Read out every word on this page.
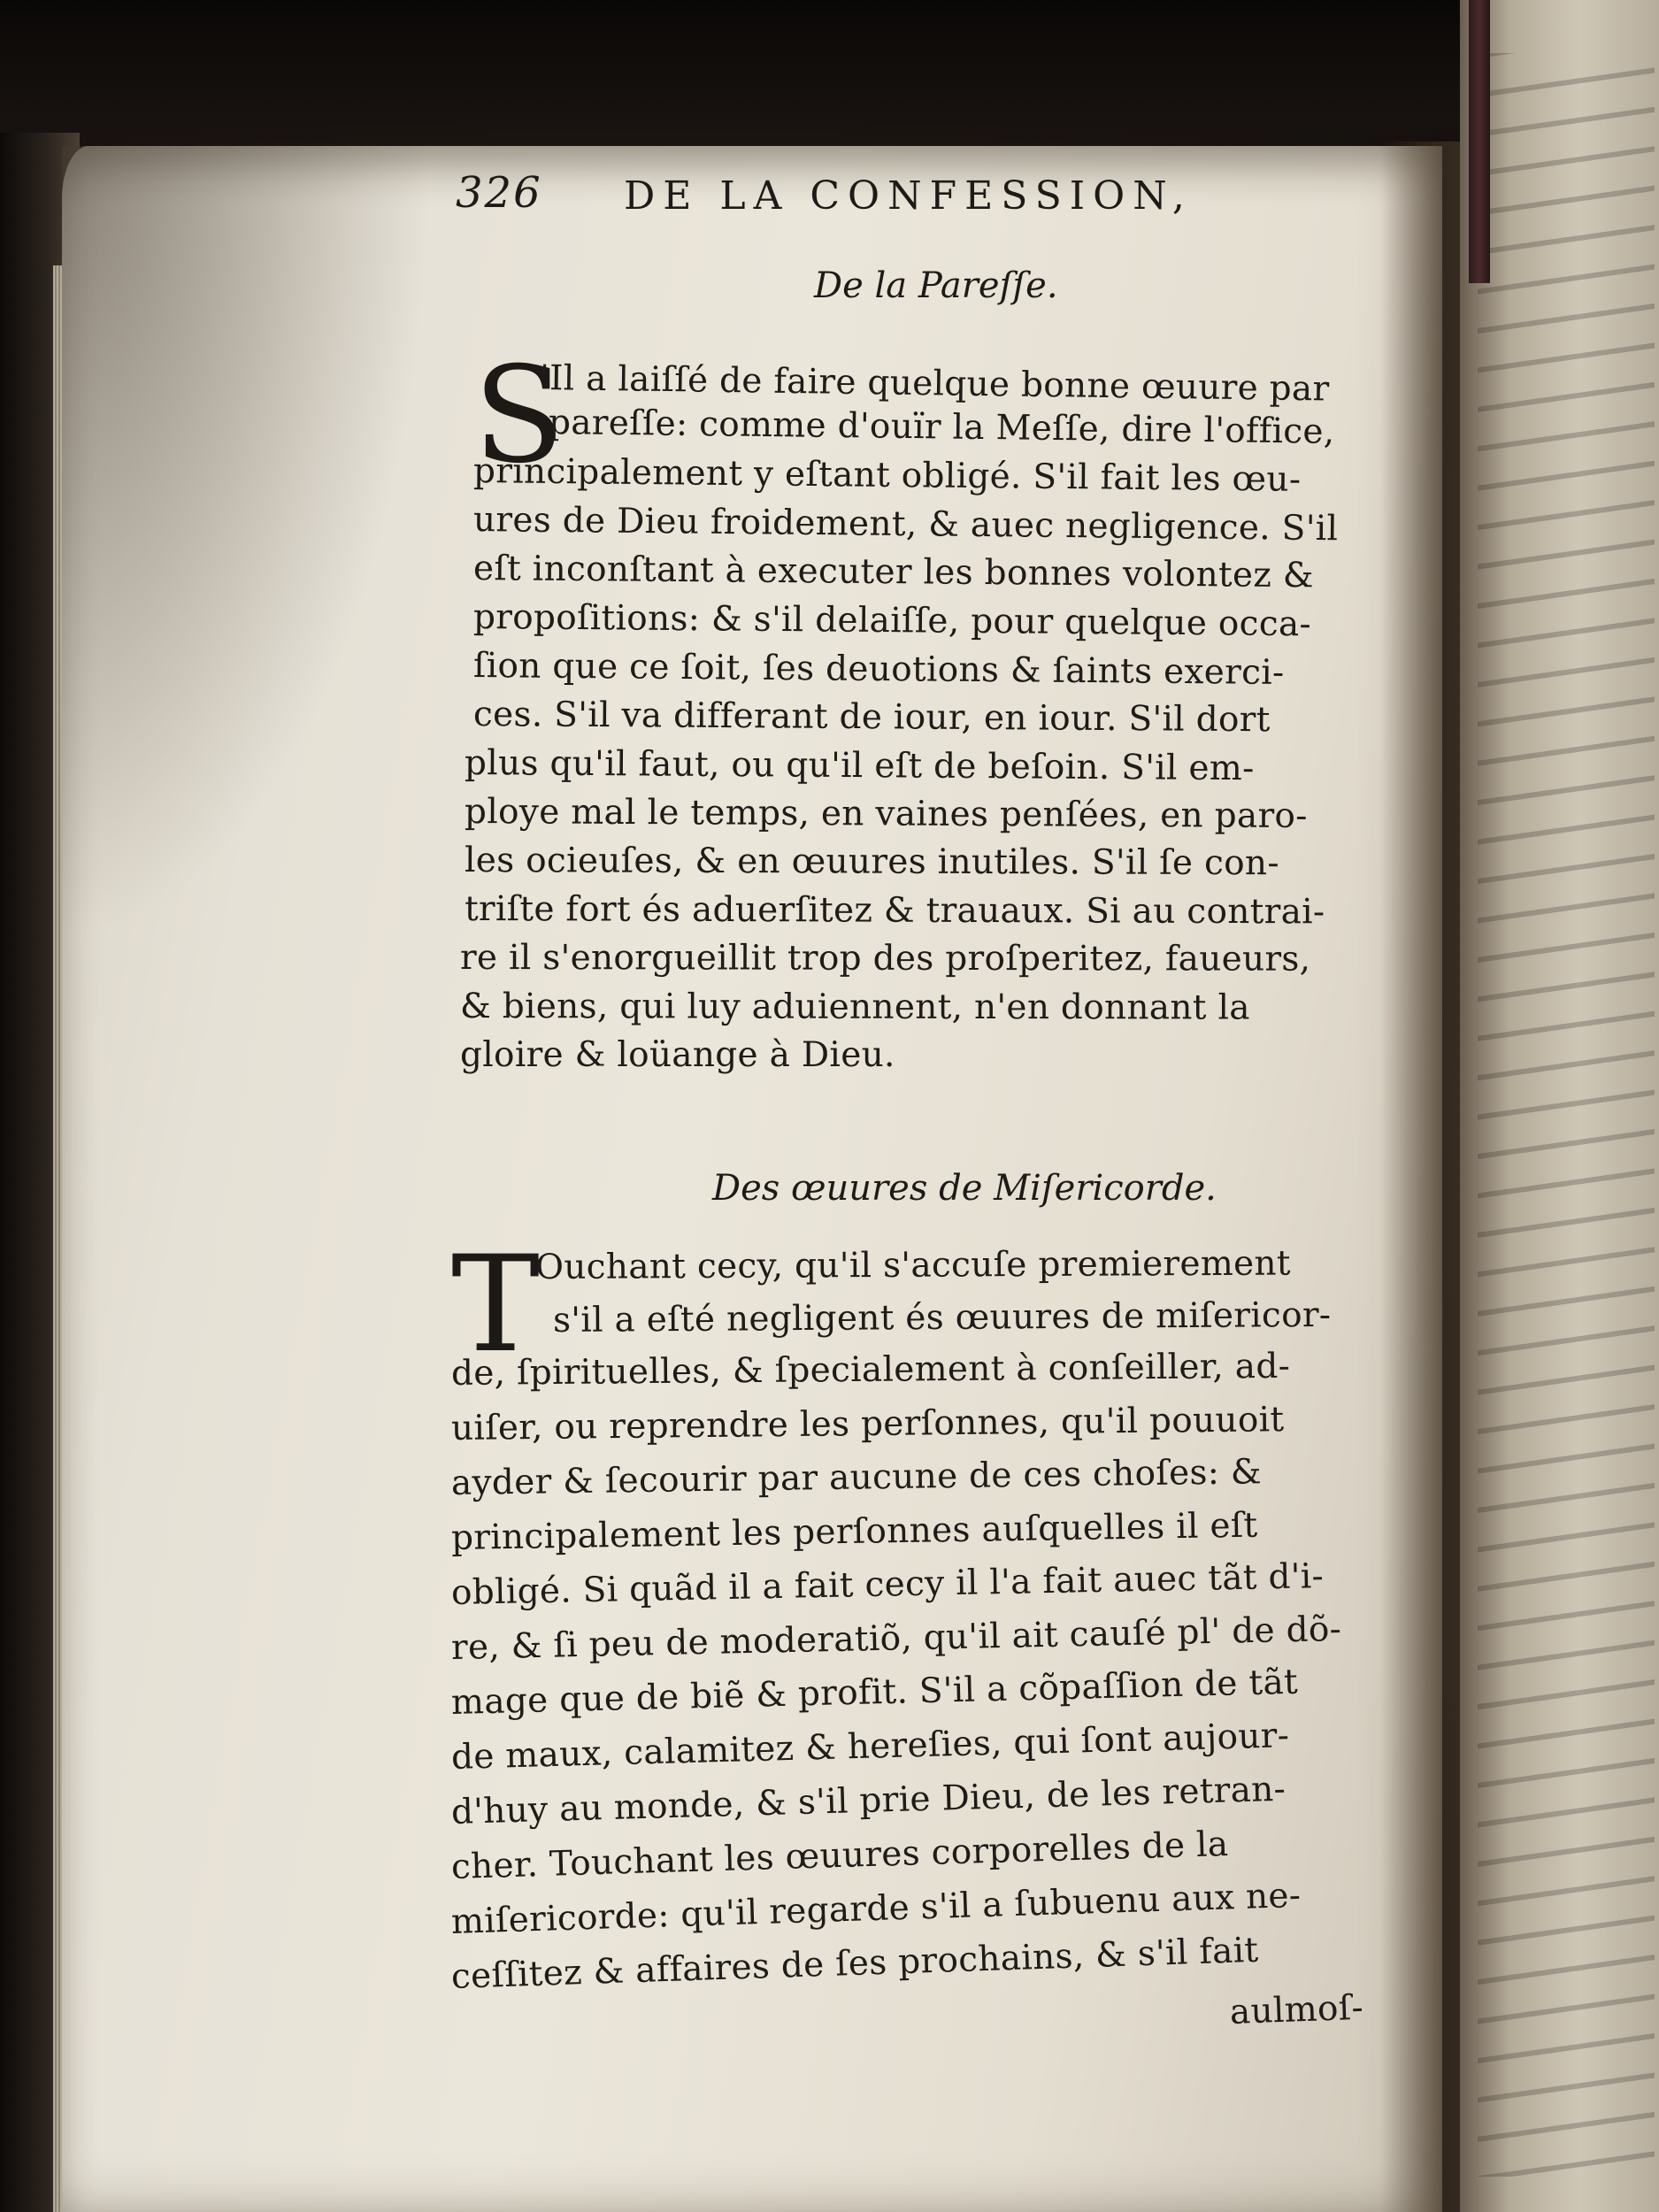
326 DE LA CONFESSION,
De la Pareſſe.
S
'Il a laiſſé de faire quelque bonne œuure par
pareſſe: comme d'ouïr la Meſſe, dire l'office,
principalement y eſtant obligé. S'il fait les œu-
ures de Dieu froidement, & auec negligence. S'il
eſt inconſtant à executer les bonnes volontez &
propoſitions: & s'il delaiſſe, pour quelque occa-
ſion que ce ſoit, ſes deuotions & ſaints exerci-
ces. S'il va differant de iour, en iour. S'il dort
plus qu'il faut, ou qu'il eſt de beſoin. S'il em-
ploye mal le temps, en vaines penſées, en paro-
les ocieuſes, & en œuures inutiles. S'il ſe con-
triſte fort és aduerſitez & trauaux. Si au contrai-
re il s'enorgueillit trop des proſperitez, faueurs,
& biens, qui luy aduiennent, n'en donnant la
gloire & loüange à Dieu.
Des œuures de Miſericorde.
T
Ouchant cecy, qu'il s'accuſe premierement
s'il a eſté negligent és œuures de miſericor-
de, ſpirituelles, & ſpecialement à conſeiller, ad-
uiſer, ou reprendre les perſonnes, qu'il pouuoit
ayder & ſecourir par aucune de ces choſes: &
principalement les perſonnes auſquelles il eſt
obligé. Si quãd il a fait cecy il l'a fait auec tãt d'i-
re, & ſi peu de moderatiõ, qu'il ait cauſé pl' de dõ-
mage que de biẽ & profit. S'il a cõpaſſion de tãt
de maux, calamitez & hereſies, qui ſont aujour-
d'huy au monde, & s'il prie Dieu, de les retran-
cher. Touchant les œuures corporelles de la
miſericorde: qu'il regarde s'il a ſubuenu aux ne-
ceſſitez & affaires de ſes prochains, & s'il fait
aulmoſ-
